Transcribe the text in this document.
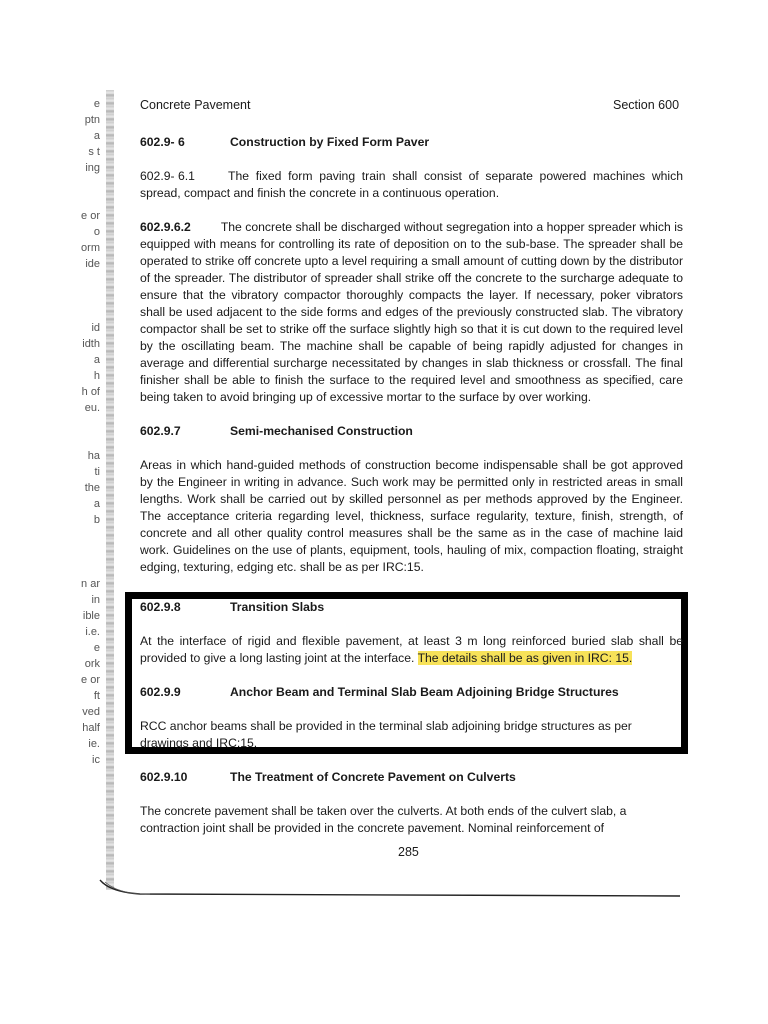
e
ptn
a
s t
ing
e or
o
orm
ide
id
idth
a
h
h of
eu.
ha
ti
the
a
b
n ar
in
ible
i.e.
e
ork
e or
ft
ved
half
ie.
ic
Concrete Pavement	Section 600

602.9- 6	Construction by Fixed Form Paver

602.9- 6.1	The fixed form paving train shall consist of separate powered machines which spread, compact and finish the concrete in a continuous operation.

602.9.6.2 The concrete shall be discharged without segregation into a hopper spreader which is equipped with means for controlling its rate of deposition on to the sub-base. The spreader shall be operated to strike off concrete upto a level requiring a small amount of cutting down by the distributor of the spreader. The distributor of spreader shall strike off the concrete to the surcharge adequate to ensure that the vibratory compactor thoroughly compacts the layer. If necessary, poker vibrators shall be used adjacent to the side forms and edges of the previously constructed slab. The vibratory compactor shall be set to strike off the surface slightly high so that it is cut down to the required level by the oscillating beam. The machine shall be capable of being rapidly adjusted for changes in average and differential surcharge necessitated by changes in slab thickness or crossfall. The final finisher shall be able to finish the surface to the required level and smoothness as specified, care being taken to avoid bringing up of excessive mortar to the surface by over working.

602.9.7	Semi-mechanised Construction

Areas in which hand-guided methods of construction become indispensable shall be got approved by the Engineer in writing in advance. Such work may be permitted only in restricted areas in small lengths. Work shall be carried out by skilled personnel as per methods approved by the Engineer. The acceptance criteria regarding level, thickness, surface regularity, texture, finish, strength, of concrete and all other quality control measures shall be the same as in the case of machine laid work. Guidelines on the use of plants, equipment, tools, hauling of mix, compaction floating, straight edging, texturing, edging etc. shall be as per IRC:15.

602.9.8	Transition Slabs

At the interface of rigid and flexible pavement, at least 3 m long reinforced buried slab shall be provided to give a long lasting joint at the interface. The details shall be as given in IRC: 15.

602.9.9	Anchor Beam and Terminal Slab Beam Adjoining Bridge Structures

RCC anchor beams shall be provided in the terminal slab adjoining bridge structures as per drawings and IRC:15.

602.9.10	The Treatment of Concrete Pavement on Culverts

The concrete pavement shall be taken over the culverts. At both ends of the culvert slab, a contraction joint shall be provided in the concrete pavement. Nominal reinforcement of

285
